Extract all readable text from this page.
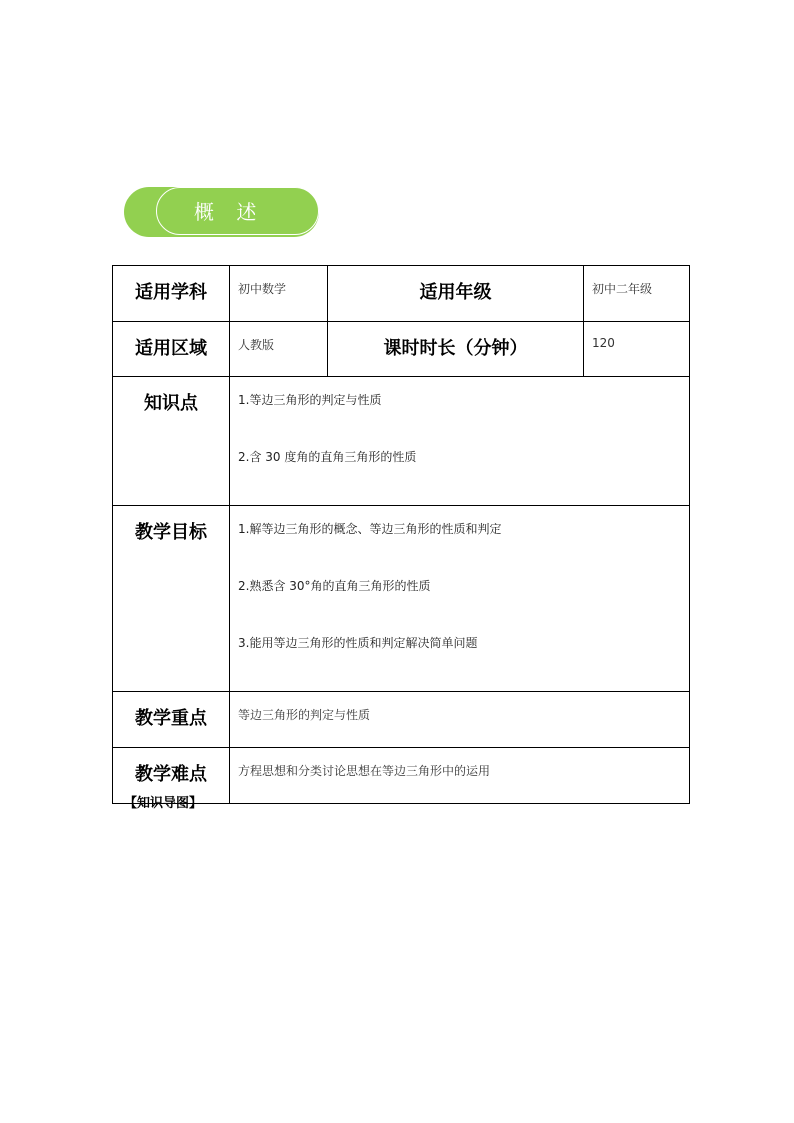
概 述
适用学科	初中数学	适用年级	初中二年级
适用区域	人教版	课时时长（分钟）	120
知识点	1.等边三角形的判定与性质
2.含 30 度角的直角三角形的性质		

教学目标	1.解等边三角形的概念、等边三角形的性质和判定
2.熟悉含 30°角的直角三角形的性质
3.能用等边三角形的性质和判定解决简单问题		

教学重点	等边三角形的判定与性质		
教学难点	方程思想和分类讨论思想在等边三角形中的运用		
【知识导图】
